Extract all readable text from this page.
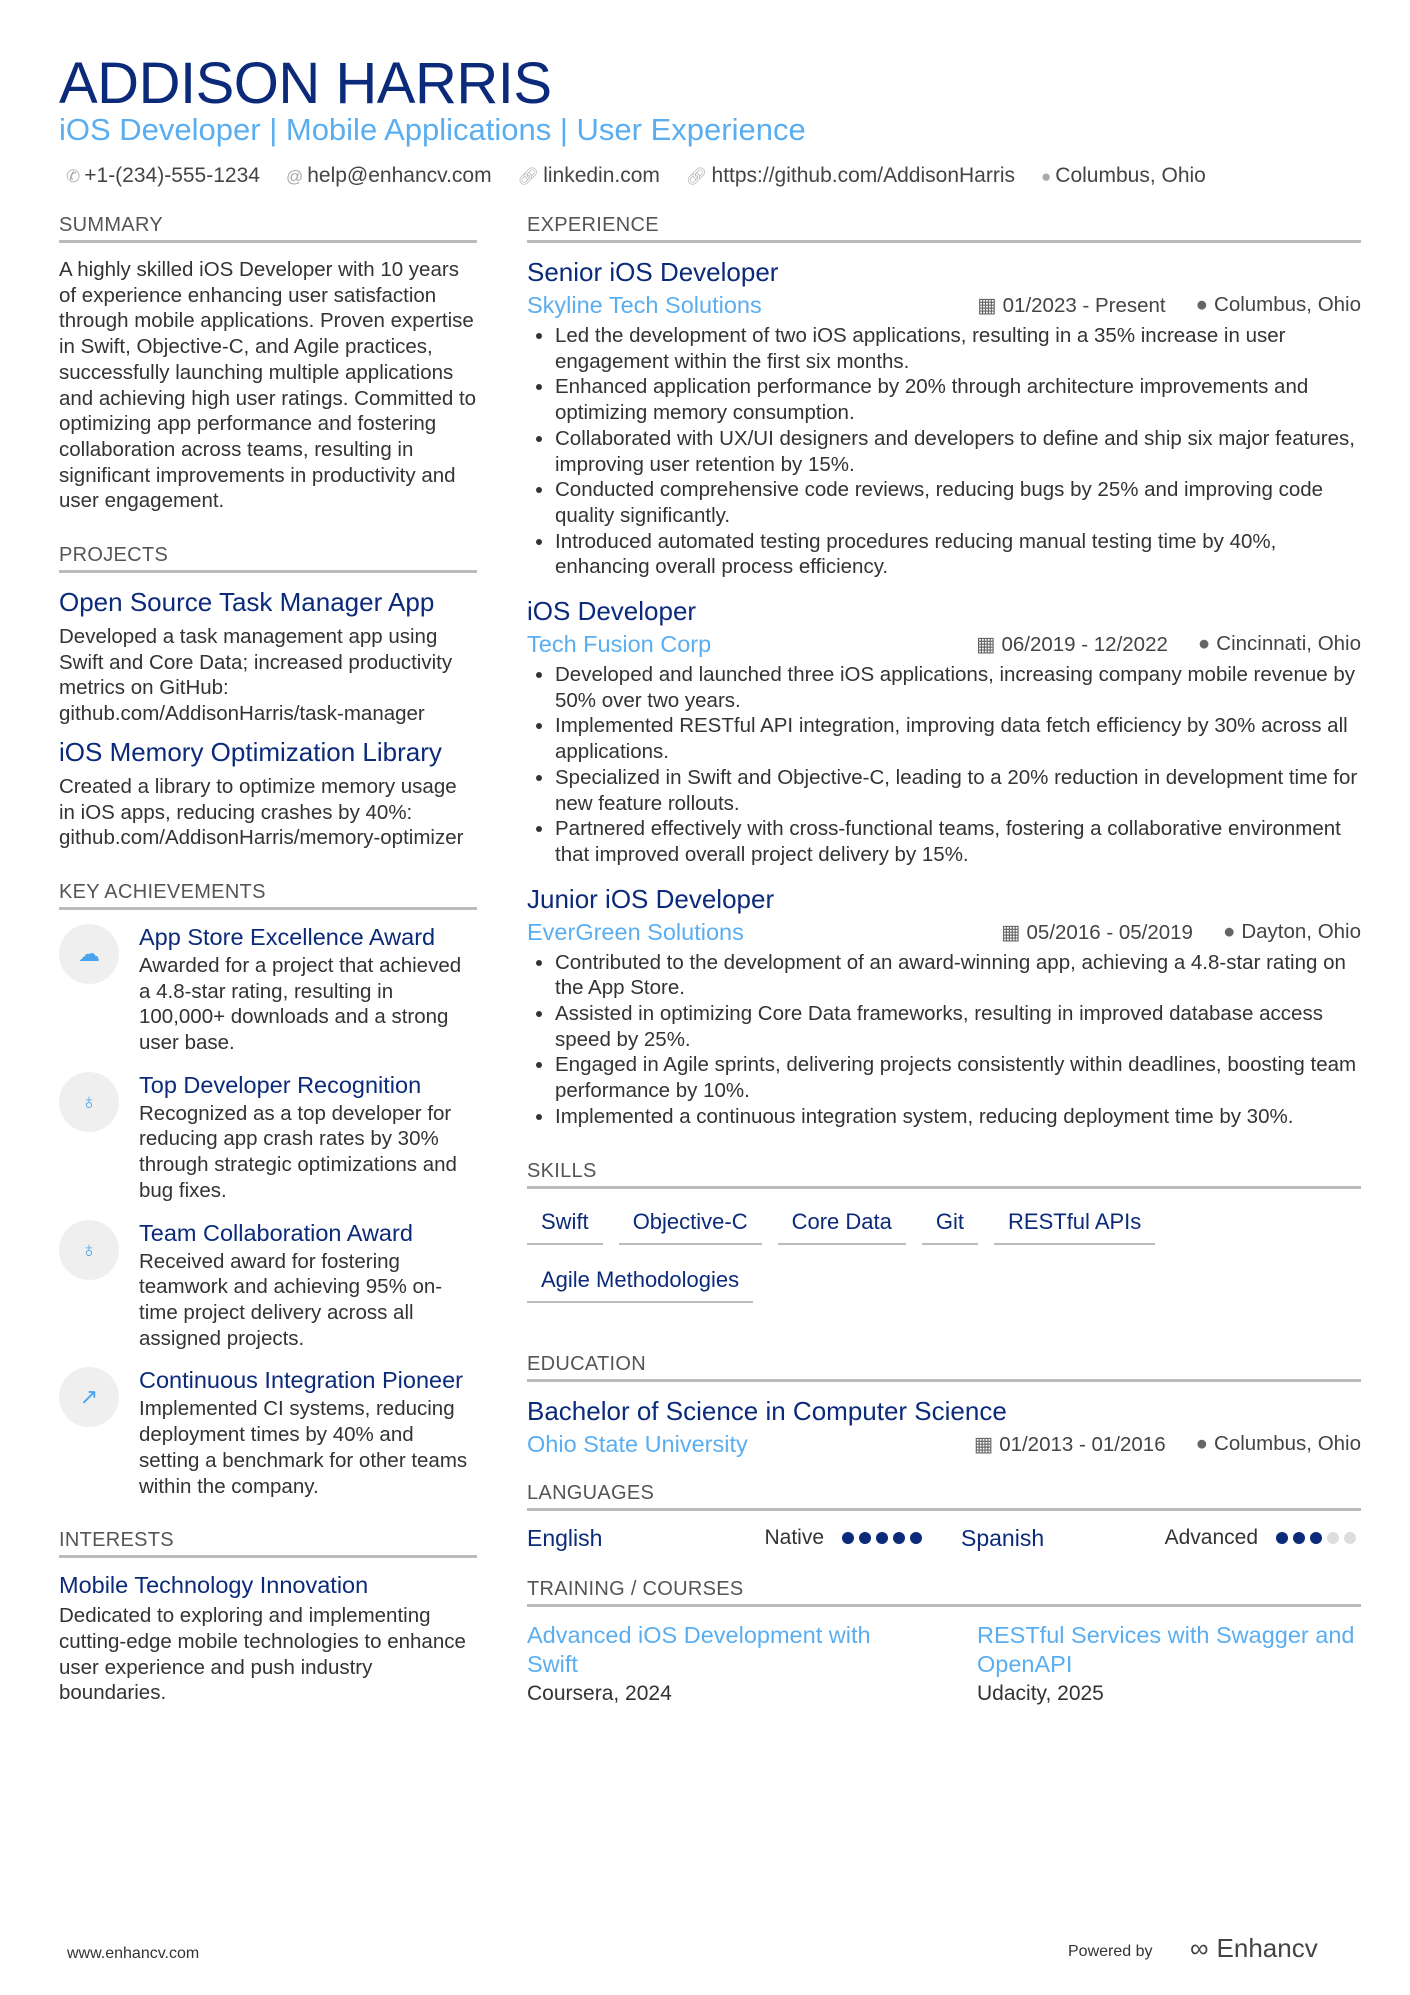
ADDISON HARRIS
iOS Developer | Mobile Applications | User Experience
✆ +1-(234)-555-1234 @ help@enhancv.com 🔗︎ linkedin.com 🔗︎ https://github.com/AddisonHarris ● Columbus, Ohio
SUMMARY
A highly skilled iOS Developer with 10 years of experience enhancing user satisfaction through mobile applications. Proven expertise in Swift, Objective-C, and Agile practices, successfully launching multiple applications and achieving high user ratings. Committed to optimizing app performance and fostering collaboration across teams, resulting in significant improvements in productivity and user engagement.
PROJECTS
Open Source Task Manager App
Developed a task management app using Swift and Core Data; increased productivity metrics on GitHub: github.com/AddisonHarris/task-manager
iOS Memory Optimization Library
Created a library to optimize memory usage in iOS apps, reducing crashes by 40%: github.com/AddisonHarris/memory-optimizer
KEY ACHIEVEMENTS
☁
App Store Excellence Award
Awarded for a project that achieved a 4.8-star rating, resulting in 100,000+ downloads and a strong user base.
♁
Top Developer Recognition
Recognized as a top developer for reducing app crash rates by 30% through strategic optimizations and bug fixes.
♁
Team Collaboration Award
Received award for fostering teamwork and achieving 95% on-time project delivery across all assigned projects.
↗
Continuous Integration Pioneer
Implemented CI systems, reducing deployment times by 40% and setting a benchmark for other teams within the company.
INTERESTS
Mobile Technology Innovation
Dedicated to exploring and implementing cutting-edge mobile technologies to enhance user experience and push industry boundaries.
EXPERIENCE
Senior iOS Developer
Skyline Tech Solutions	▦ 01/2023 - Present ● Columbus, Ohio
• Led the development of two iOS applications, resulting in a 35% increase in user engagement within the first six months.
• Enhanced application performance by 20% through architecture improvements and optimizing memory consumption.
• Collaborated with UX/UI designers and developers to define and ship six major features, improving user retention by 15%.
• Conducted comprehensive code reviews, reducing bugs by 25% and improving code quality significantly.
• Introduced automated testing procedures reducing manual testing time by 40%, enhancing overall process efficiency.
iOS Developer
Tech Fusion Corp	▦ 06/2019 - 12/2022 ● Cincinnati, Ohio
• Developed and launched three iOS applications, increasing company mobile revenue by 50% over two years.
• Implemented RESTful API integration, improving data fetch efficiency by 30% across all applications.
• Specialized in Swift and Objective-C, leading to a 20% reduction in development time for new feature rollouts.
• Partnered effectively with cross-functional teams, fostering a collaborative environment that improved overall project delivery by 15%.
Junior iOS Developer
EverGreen Solutions	▦ 05/2016 - 05/2019 ● Dayton, Ohio
• Contributed to the development of an award-winning app, achieving a 4.8-star rating on the App Store.
• Assisted in optimizing Core Data frameworks, resulting in improved database access speed by 25%.
• Engaged in Agile sprints, delivering projects consistently within deadlines, boosting team performance by 10%.
• Implemented a continuous integration system, reducing deployment time by 30%.
SKILLS
Swift	Objective-C	Core Data	Git	RESTful APIs
Agile Methodologies
EDUCATION
Bachelor of Science in Computer Science
Ohio State University	▦ 01/2013 - 01/2016 ● Columbus, Ohio
LANGUAGES
English	Native	Spanish	Advanced
TRAINING / COURSES
Advanced iOS Development with Swift
Coursera, 2024
RESTful Services with Swagger and OpenAPI
Udacity, 2025
www.enhancv.com	Powered by ∞ Enhancv
